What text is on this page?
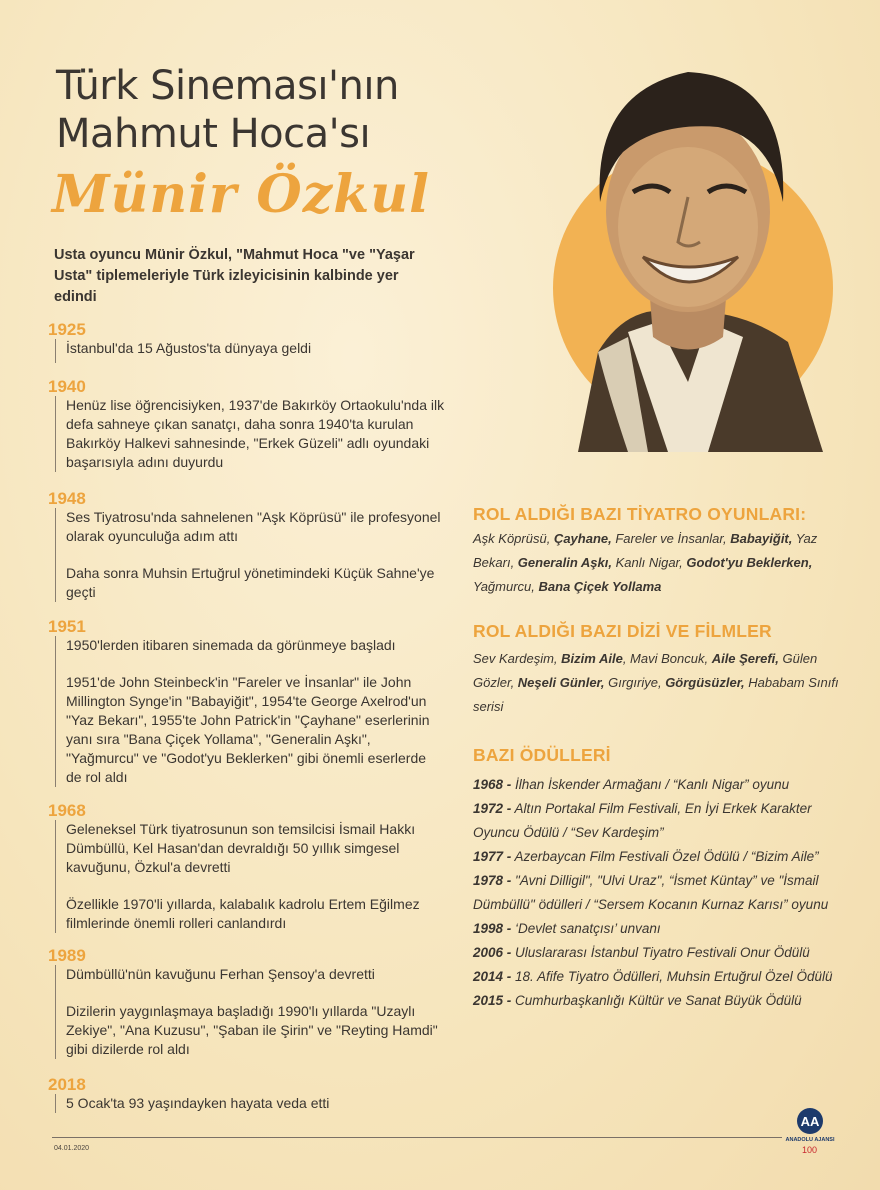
Türk Sineması'nın
Mahmut Hoca'sı
Münir Özkul
Usta oyuncu Münir Özkul, "Mahmut Hoca "ve "Yaşar Usta" tiplemeleriyle Türk izleyicisinin kalbinde yer edindi
1925

İstanbul'da 15 Ağustos'ta dünyaya geldi

1940

Henüz lise öğrencisiyken, 1937'de Bakırköy Ortaokulu'nda ilk defa sahneye çıkan sanatçı, daha sonra 1940'ta kurulan Bakırköy Halkevi sahnesinde, "Erkek Güzeli" adlı oyundaki başarısıyla adını duyurdu

1948

Ses Tiyatrosu'nda sahnelenen "Aşk Köprüsü" ile profesyonel olarak oyunculuğa adım attı

Daha sonra Muhsin Ertuğrul yönetimindeki Küçük Sahne'ye geçti

1951

1950'lerden itibaren sinemada da görünmeye başladı

1951'de John Steinbeck'in "Fareler ve İnsanlar" ile John Millington Synge'in "Babayiğit", 1954'te George Axelrod'un "Yaz Bekarı", 1955'te John Patrick'in "Çayhane" eserlerinin yanı sıra "Bana Çiçek Yollama", "Generalin Aşkı", "Yağmurcu" ve "Godot'yu Beklerken" gibi önemli eserlerde de rol aldı

1968

Geleneksel Türk tiyatrosunun son temsilcisi İsmail Hakkı Dümbüllü, Kel Hasan'dan devraldığı 50 yıllık simgesel kavuğunu, Özkul'a devretti

Özellikle 1970'li yıllarda, kalabalık kadrolu Ertem Eğilmez filmlerinde önemli rolleri canlandırdı

1989

Dümbüllü'nün kavuğunu Ferhan Şensoy'a devretti

Dizilerin yaygınlaşmaya başladığı 1990'lı yıllarda "Uzaylı Zekiye", "Ana Kuzusu", "Şaban ile Şirin" ve "Reyting Hamdi" gibi dizilerde rol aldı

2018

5 Ocak'ta 93 yaşındayken hayata veda etti

ROL ALDIĞI BAZI TİYATRO OYUNLARI:
Aşk Köprüsü, Çayhane, Fareler ve İnsanlar, Babayiğit, Yaz Bekarı, Generalin Aşkı, Kanlı Nigar, Godot'yu Beklerken, Yağmurcu, Bana Çiçek Yollama
ROL ALDIĞI BAZI DİZİ VE FİLMLER
Sev Kardeşim, Bizim Aile, Mavi Boncuk, Aile Şerefi, Gülen Gözler, Neşeli Günler, Gırgıriye, Görgüsüzler, Hababam Sınıfı serisi
BAZI ÖDÜLLERİ
1968 - İlhan İskender Armağanı / “Kanlı Nigar” oyunu
1972 - Altın Portakal Film Festivali, En İyi Erkek Karakter Oyuncu Ödülü / “Sev Kardeşim”
1977 - Azerbaycan Film Festivali Özel Ödülü / “Bizim Aile”
1978 - "Avni Dilligil", "Ulvi Uraz", “İsmet Küntay” ve "İsmail Dümbüllü" ödülleri / “Sersem Kocanın Kurnaz Karısı” oyunu
1998 - ‘Devlet sanatçısı’ unvanı
2006 - Uluslararası İstanbul Tiyatro Festivali Onur Ödülü
2014 - 18. Afife Tiyatro Ödülleri, Muhsin Ertuğrul Özel Ödülü
2015 - Cumhurbaşkanlığı Kültür ve Sanat Büyük Ödülü
04.01.2020
AA
ANADOLU AJANSI
100
